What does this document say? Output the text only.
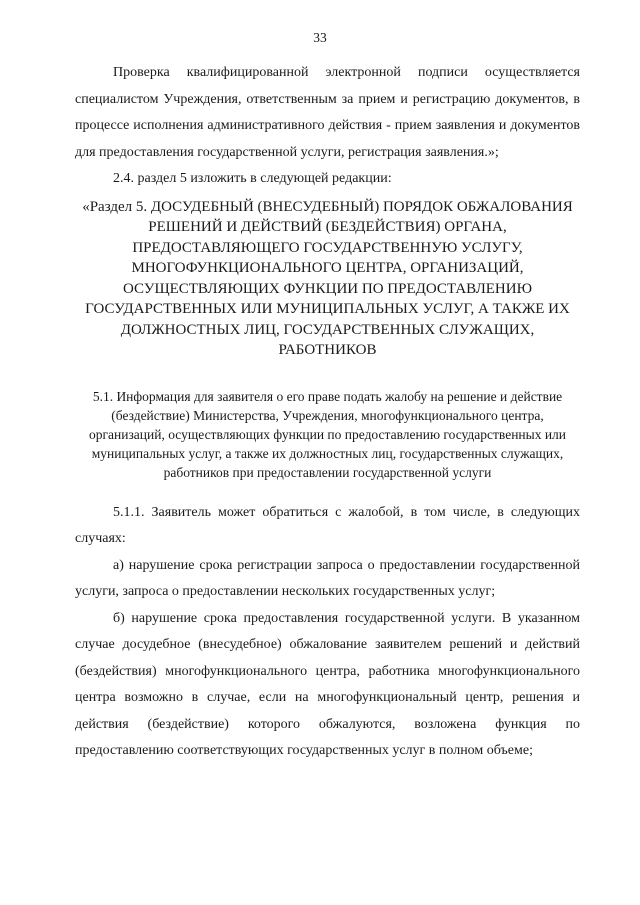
33

Проверка квалифицированной электронной подписи осуществляется специалистом Учреждения, ответственным за прием и регистрацию документов, в процессе исполнения административного действия - прием заявления и документов для предоставления государственной услуги, регистрация заявления.»;

2.4. раздел 5 изложить в следующей редакции:

«Раздел 5. ДОСУДЕБНЫЙ (ВНЕСУДЕБНЫЙ) ПОРЯДОК ОБЖАЛОВАНИЯ РЕШЕНИЙ И ДЕЙСТВИЙ (БЕЗДЕЙСТВИЯ) ОРГАНА, ПРЕДОСТАВЛЯЮЩЕГО ГОСУДАРСТВЕННУЮ УСЛУГУ, МНОГОФУНКЦИОНАЛЬНОГО ЦЕНТРА, ОРГАНИЗАЦИЙ, ОСУЩЕСТВЛЯЮЩИХ ФУНКЦИИ ПО ПРЕДОСТАВЛЕНИЮ ГОСУДАРСТВЕННЫХ ИЛИ МУНИЦИПАЛЬНЫХ УСЛУГ, А ТАКЖЕ ИХ ДОЛЖНОСТНЫХ ЛИЦ, ГОСУДАРСТВЕННЫХ СЛУЖАЩИХ, РАБОТНИКОВ
5.1. Информация для заявителя о его праве подать жалобу на решение и действие (бездействие) Министерства, Учреждения, многофункционального центра, организаций, осуществляющих функции по предоставлению государственных или муниципальных услуг, а также их должностных лиц, государственных служащих, работников при предоставлении государственной услуги

5.1.1. Заявитель может обратиться с жалобой, в том числе, в следующих случаях:

а) нарушение срока регистрации запроса о предоставлении государственной услуги, запроса о предоставлении нескольких государственных услуг;

б) нарушение срока предоставления государственной услуги. В указанном случае досудебное (внесудебное) обжалование заявителем решений и действий (бездействия) многофункционального центра, работника многофункционального центра возможно в случае, если на многофункциональный центр, решения и действия (бездействие) которого обжалуются, возложена функция по предоставлению соответствующих государственных услуг в полном объеме;
